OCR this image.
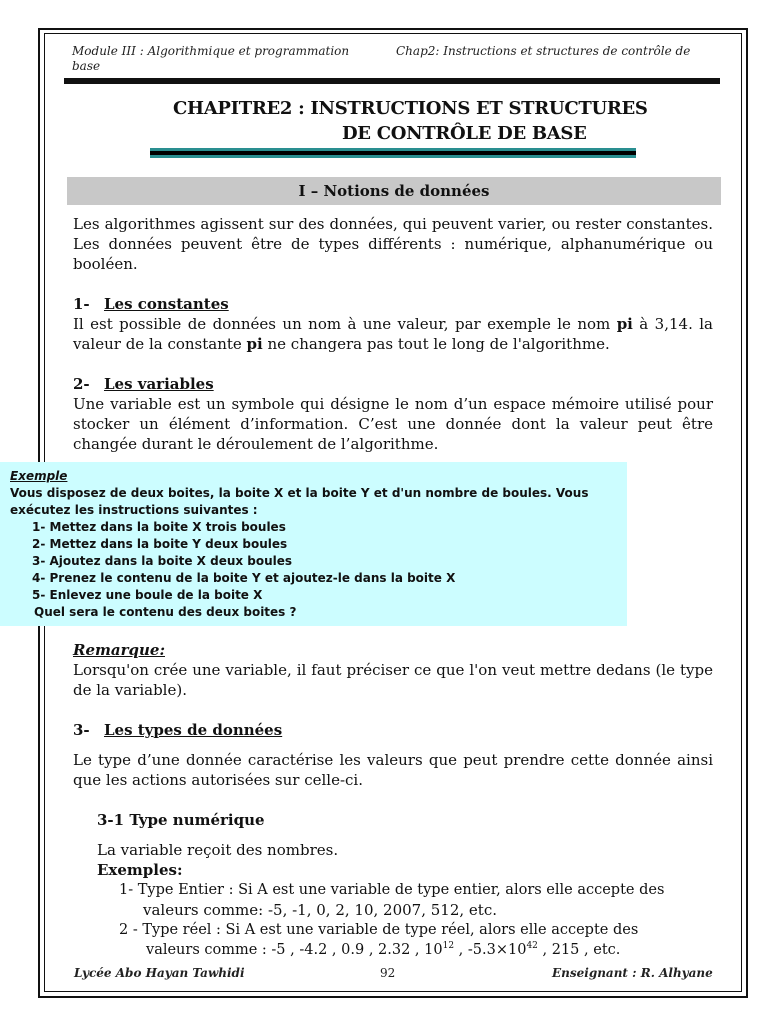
Module III : Algorithmique et programmation base
Chap2: Instructions et structures de contrôle de
CHAPITRE2 : INSTRUCTIONS ET STRUCTURES
DE CONTRÔLE DE BASE
I – Notions de données
Les algorithmes agissent sur des données, qui peuvent varier, ou rester constantes. Les données peuvent être de types différents : numérique, alphanumérique ou booléen.
1- Les constantes
Il est possible de données un nom à une valeur, par exemple le nom pi à 3,14. la valeur de la constante pi ne changera pas tout le long de l'algorithme.
2- Les variables
Une variable est un symbole qui désigne le nom d’un espace mémoire utilisé pour stocker un élément d’information. C’est une donnée dont la valeur peut être changée durant le déroulement de l’algorithme.
Exemple
Vous disposez de deux boites, la boite X et la boite Y et d'un nombre de boules. Vous exécutez les instructions suivantes :
1- Mettez dans la boite X trois boules
2- Mettez dans la boite Y deux boules
3- Ajoutez dans la boite X deux boules
4- Prenez le contenu de la boite Y et ajoutez-le dans la boite X
5- Enlevez une boule de la boite X
Quel sera le contenu des deux boites ?
Remarque:
Lorsqu'on crée une variable, il faut préciser ce que l'on veut mettre dedans (le type de la variable).
3- Les types de données
Le type d’une donnée caractérise les valeurs que peut prendre cette donnée ainsi que les actions autorisées sur celle-ci.
3-1 Type numérique
La variable reçoit des nombres.
Exemples:
1- Type Entier : Si A est une variable de type entier, alors elle accepte des
valeurs comme: -5, -1, 0, 2, 10, 2007, 512, etc.
2 - Type réel : Si A est une variable de type réel, alors elle accepte des
valeurs comme : -5 , -4.2 , 0.9 , 2.32 , $10^{12}$ , $-5.3\times 10^{42}$ , 215 , etc.
Lycée Abo Hayan Tawhidi	92	Enseignant : R. Alhyane
